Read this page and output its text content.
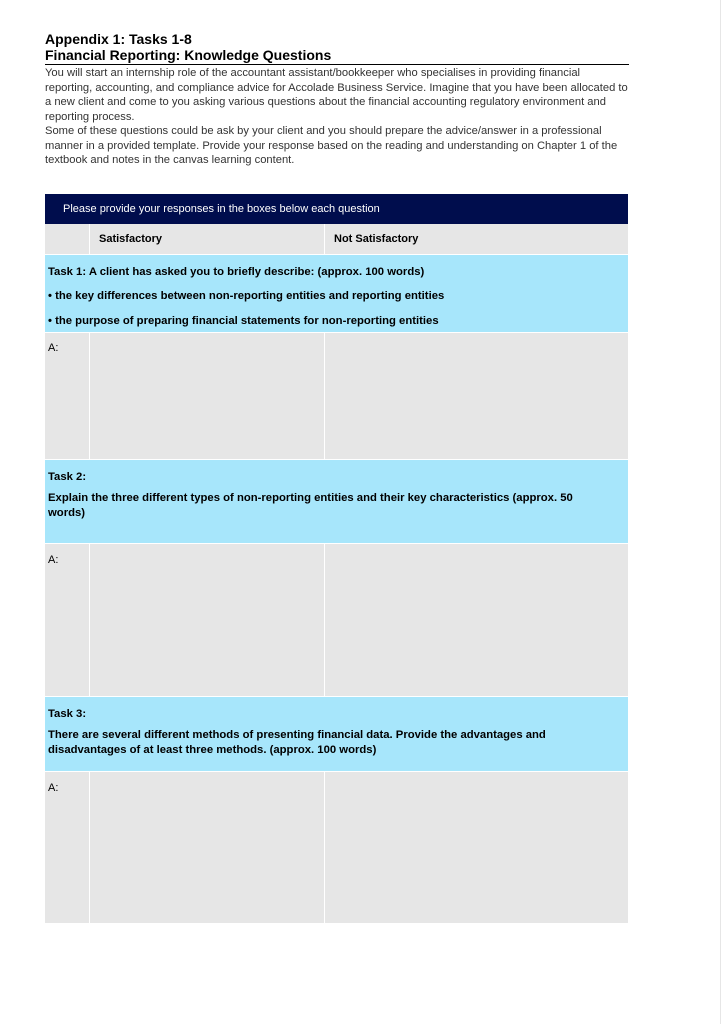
Appendix 1: Tasks 1-8

Financial Reporting: Knowledge Questions

You will start an internship role of the accountant assistant/bookkeeper who specialises in providing financial reporting, accounting, and compliance advice for Accolade Business Service. Imagine that you have been allocated to a new client and come to you asking various questions about the financial accounting regulatory environment and reporting process.

Some of these questions could be ask by your client and you should prepare the advice/answer in a professional manner in a provided template. Provide your response based on the reading and understanding on Chapter 1 of the textbook and notes in the canvas learning content.

Please provide your responses in the boxes below each question
Satisfactory	Not Satisfactory

Task 1: A client has asked you to briefly describe: (approx. 100 words)

• the key differences between non-reporting entities and reporting entities

• the purpose of preparing financial statements for non-reporting entities

A:

Task 2:

Explain the three different types of non-reporting entities and their key characteristics (approx. 50 words)

A:

Task 3:

There are several different methods of presenting financial data. Provide the advantages and disadvantages of at least three methods. (approx. 100 words)

A:
